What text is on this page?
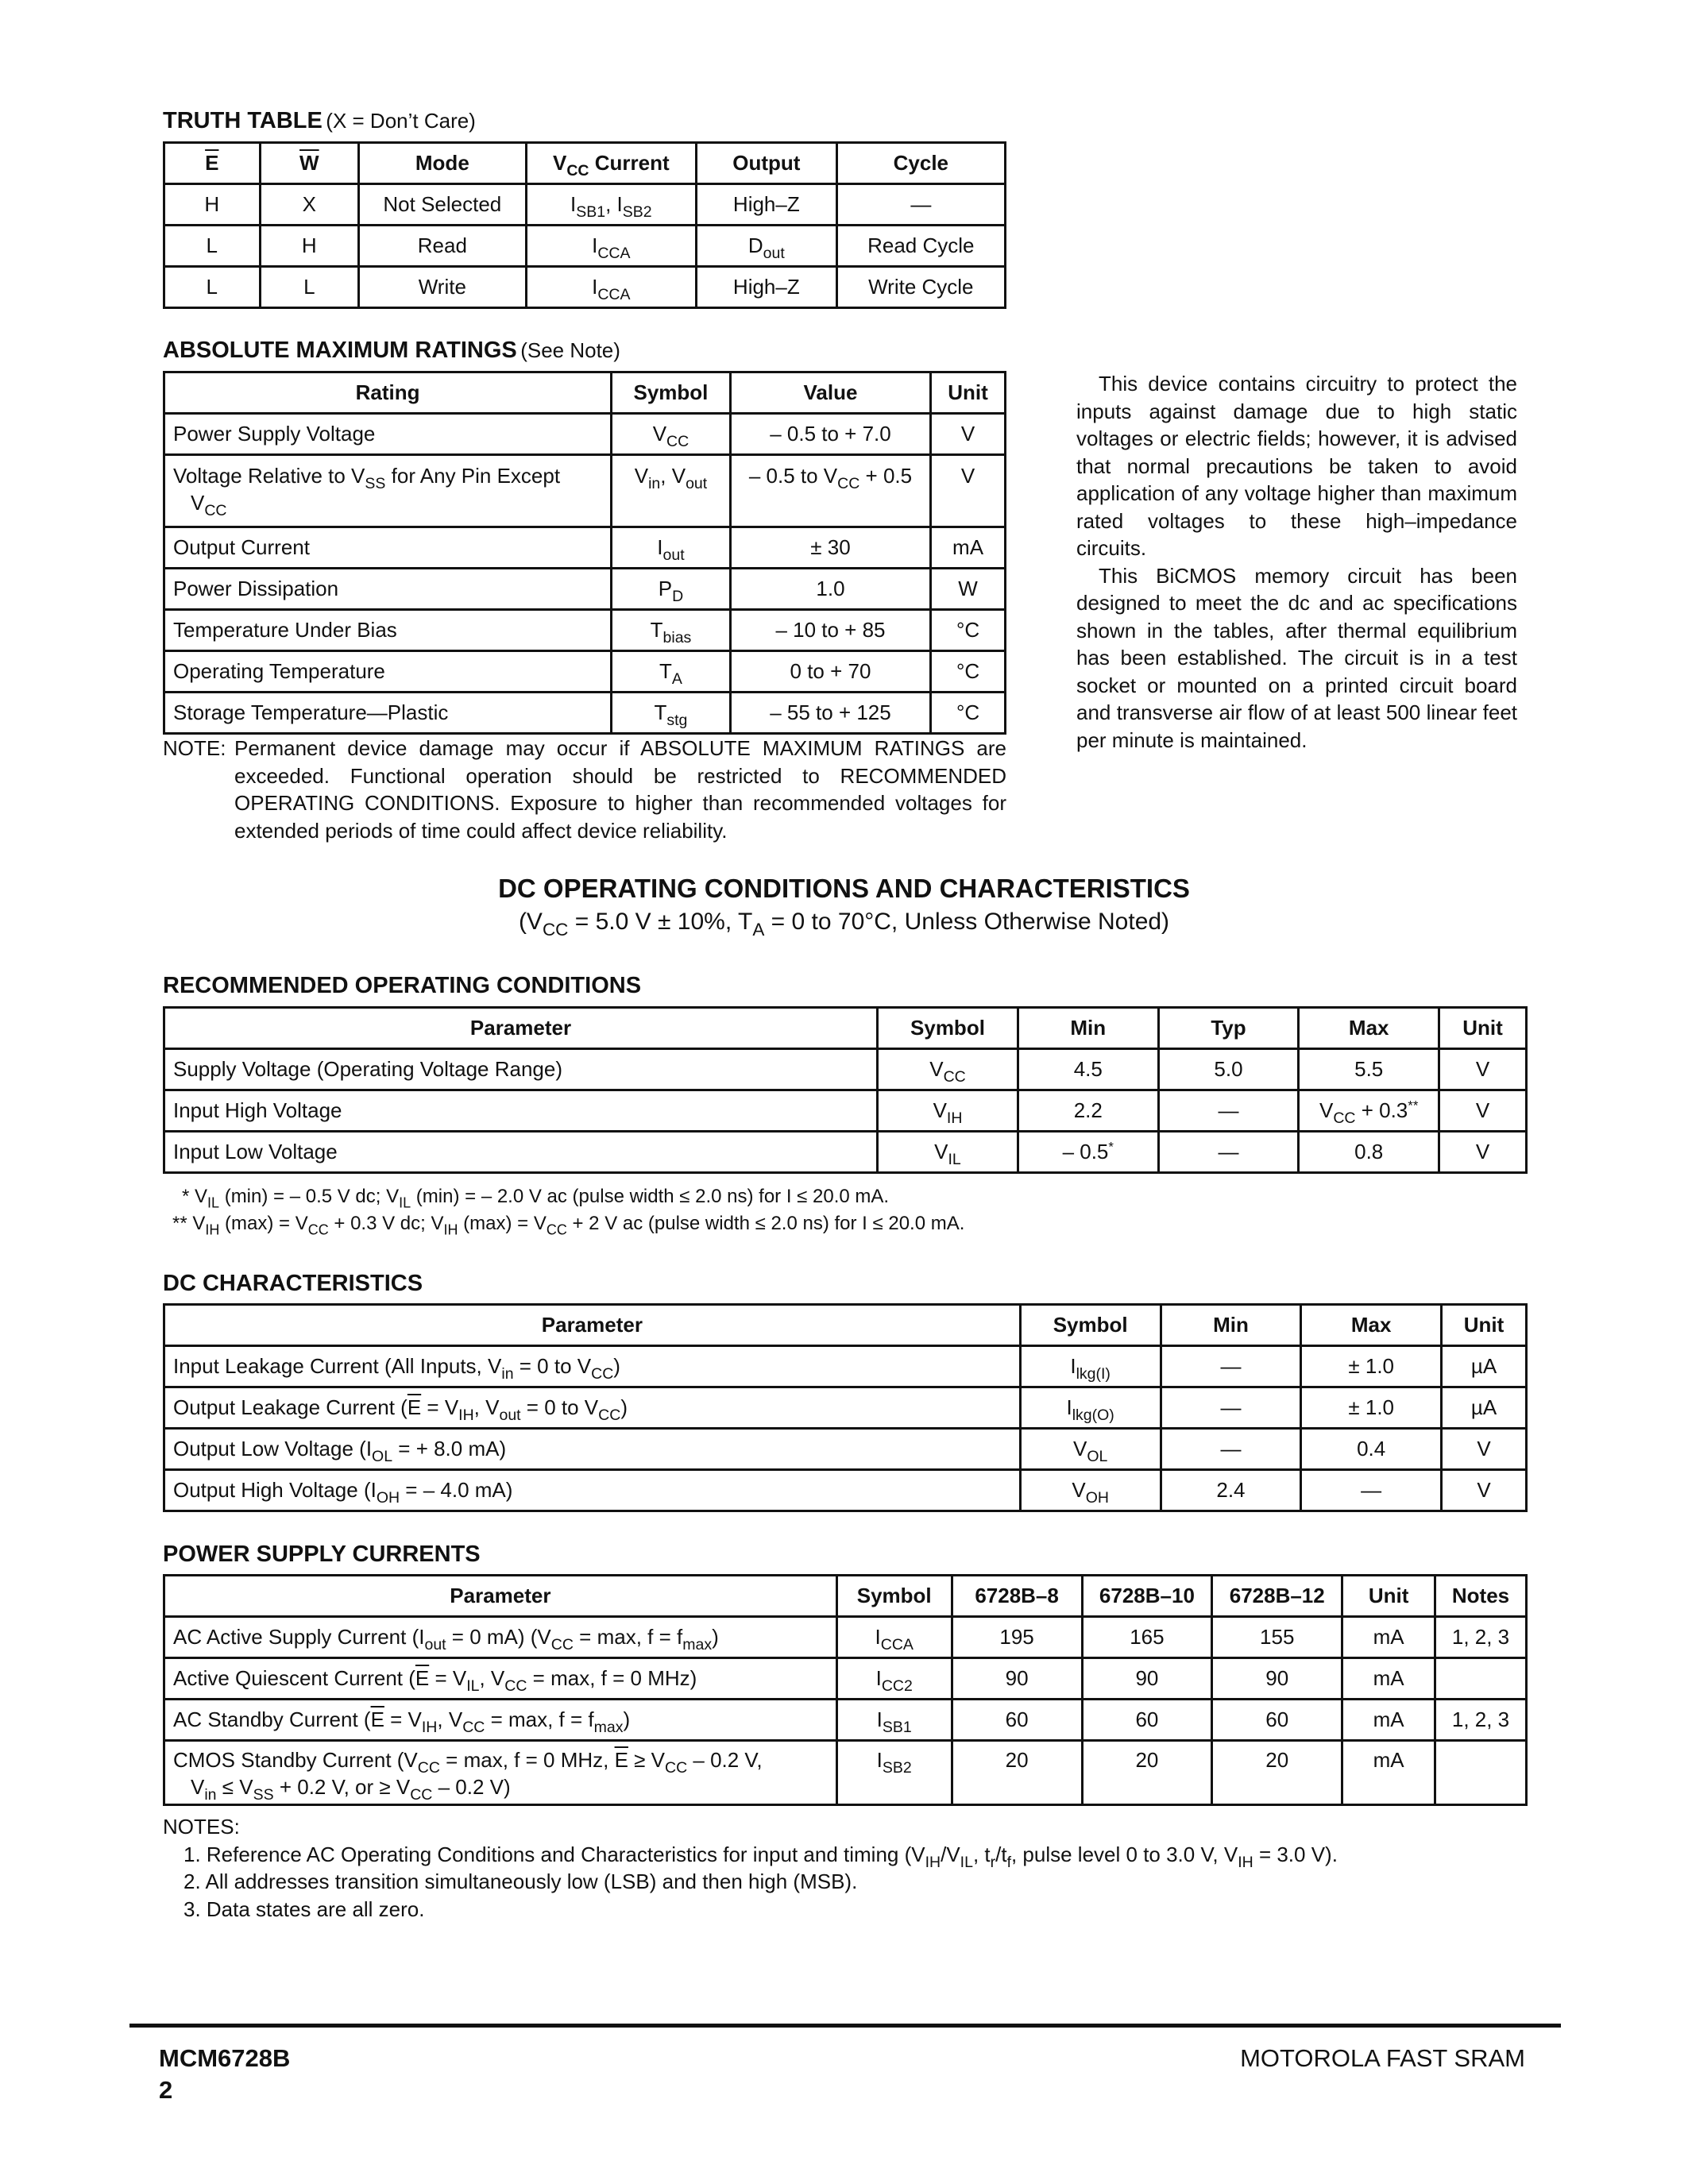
TRUTH TABLE (X = Don’t Care)
$\overline{E}$	$\overline{W}$	Mode	$V_{CC}$ Current	Output	Cycle
H	X	Not Selected	$I_{SB1}$, $I_{SB2}$	High–Z	—
L	H	Read	$I_{CCA}$	$D_{out}$	Read Cycle
L	L	Write	$I_{CCA}$	High–Z	Write Cycle
ABSOLUTE MAXIMUM RATINGS (See Note)
Rating	Symbol	Value	Unit
Power Supply Voltage	$V_{CC}$	– 0.5 to + 7.0	V
Voltage Relative to $V_{SS}$ for Any Pin Except
$V_{CC}$	$V_{in}$, $V_{out}$	– 0.5 to $V_{CC} + 0.5$	V
Output Current	$I_{out}$	± 30	mA
Power Dissipation	$P_D$	1.0	W
Temperature Under Bias	$T_{bias}$	– 10 to + 85	°C
Operating Temperature	$T_A$	0 to + 70	°C
Storage Temperature—Plastic	$T_{stg}$	– 55 to + 125	°C
NOTE: Permanent device damage may occur if ABSOLUTE MAXIMUM RATINGS are exceeded. Functional operation should be restricted to RECOMMENDED OPERATING CONDITIONS. Exposure to higher than recommended voltages for extended periods of time could affect device reliability.
This device contains circuitry to protect the inputs against damage due to high static voltages or electric fields; however, it is advised that normal precautions be taken to avoid application of any voltage higher than maximum rated voltages to these high–impedance circuits.
This BiCMOS memory circuit has been designed to meet the dc and ac specifications shown in the tables, after thermal equilibrium has been established. The circuit is in a test socket or mounted on a printed circuit board and transverse air flow of at least 500 linear feet per minute is maintained.
DC OPERATING CONDITIONS AND CHARACTERISTICS
($V_{CC} = 5.0$ V ± 10%, $T_A = 0$ to 70°C, Unless Otherwise Noted)
RECOMMENDED OPERATING CONDITIONS
Parameter	Symbol	Min	Typ	Max	Unit
Supply Voltage (Operating Voltage Range)	$V_{CC}$	4.5	5.0	5.5	V
Input High Voltage	$V_{IH}$	2.2	—	$V_{CC} + 0.3^{**}$	V
Input Low Voltage	$V_{IL}$	– 0.5*	—	0.8	V
* $V_{IL}$ (min) = – 0.5 V dc; $V_{IL}$ (min) = – 2.0 V ac (pulse width ≤ 2.0 ns) for I ≤ 20.0 mA.
** $V_{IH}$ $(\max) = V_{CC} + 0.3$ V dc; $V_{IH}$ $(\max) = V_{CC} + 2$ V ac (pulse width ≤ 2.0 ns) for I ≤ 20.0 mA.
DC CHARACTERISTICS
Parameter	Symbol	Min	Max	Unit
Input Leakage Current (All Inputs, $V_{in} = 0$ to $V_{CC}$)	$I_{lkg(I)}$	—	± 1.0	µA
Output Leakage Current ($\overline{E} = V_{IH}$, $V_{out} = 0$ to $V_{CC}$)	$I_{lkg(O)}$	—	± 1.0	µA
Output Low Voltage ($I_{OL}$ = + 8.0 mA)	$V_{OL}$	—	0.4	V
Output High Voltage ($I_{OH}$ = – 4.0 mA)	$V_{OH}$	2.4	—	V
POWER SUPPLY CURRENTS
Parameter	Symbol	6728B–8	6728B–10	6728B–12	Unit	Notes
AC Active Supply Current ($I_{out} = 0$ mA) ($V_{CC} = \max$, $f = f_{max}$)	$I_{CCA}$	195	165	155	mA	1, 2, 3
Active Quiescent Current ($\overline{E} = V_{IL}$, $V_{CC} = \max$, f = 0 MHz)	$I_{CC2}$	90	90	90	mA	
AC Standby Current ($\overline{E} = V_{IH}$, $V_{CC} = \max$, $f = f_{max}$)	$I_{SB1}$	60	60	60	mA	1, 2, 3
CMOS Standby Current ($V_{CC} = \max$, f = 0 MHz, $\overline{E} \ge V_{CC} - 0.2$ V,
$V_{in} \le V_{SS} + 0.2$ V, or ≥ $V_{CC} - 0.2$ V)	$I_{SB2}$	20	20	20	mA	
NOTES:
1. Reference AC Operating Conditions and Characteristics for input and timing ($V_{IH}/V_{IL}$, $t_r/t_f$, pulse level 0 to 3.0 V, $V_{IH} = 3.0$ V).
2. All addresses transition simultaneously low (LSB) and then high (MSB).
3. Data states are all zero.
MCM6728B
2
MOTOROLA FAST SRAM
